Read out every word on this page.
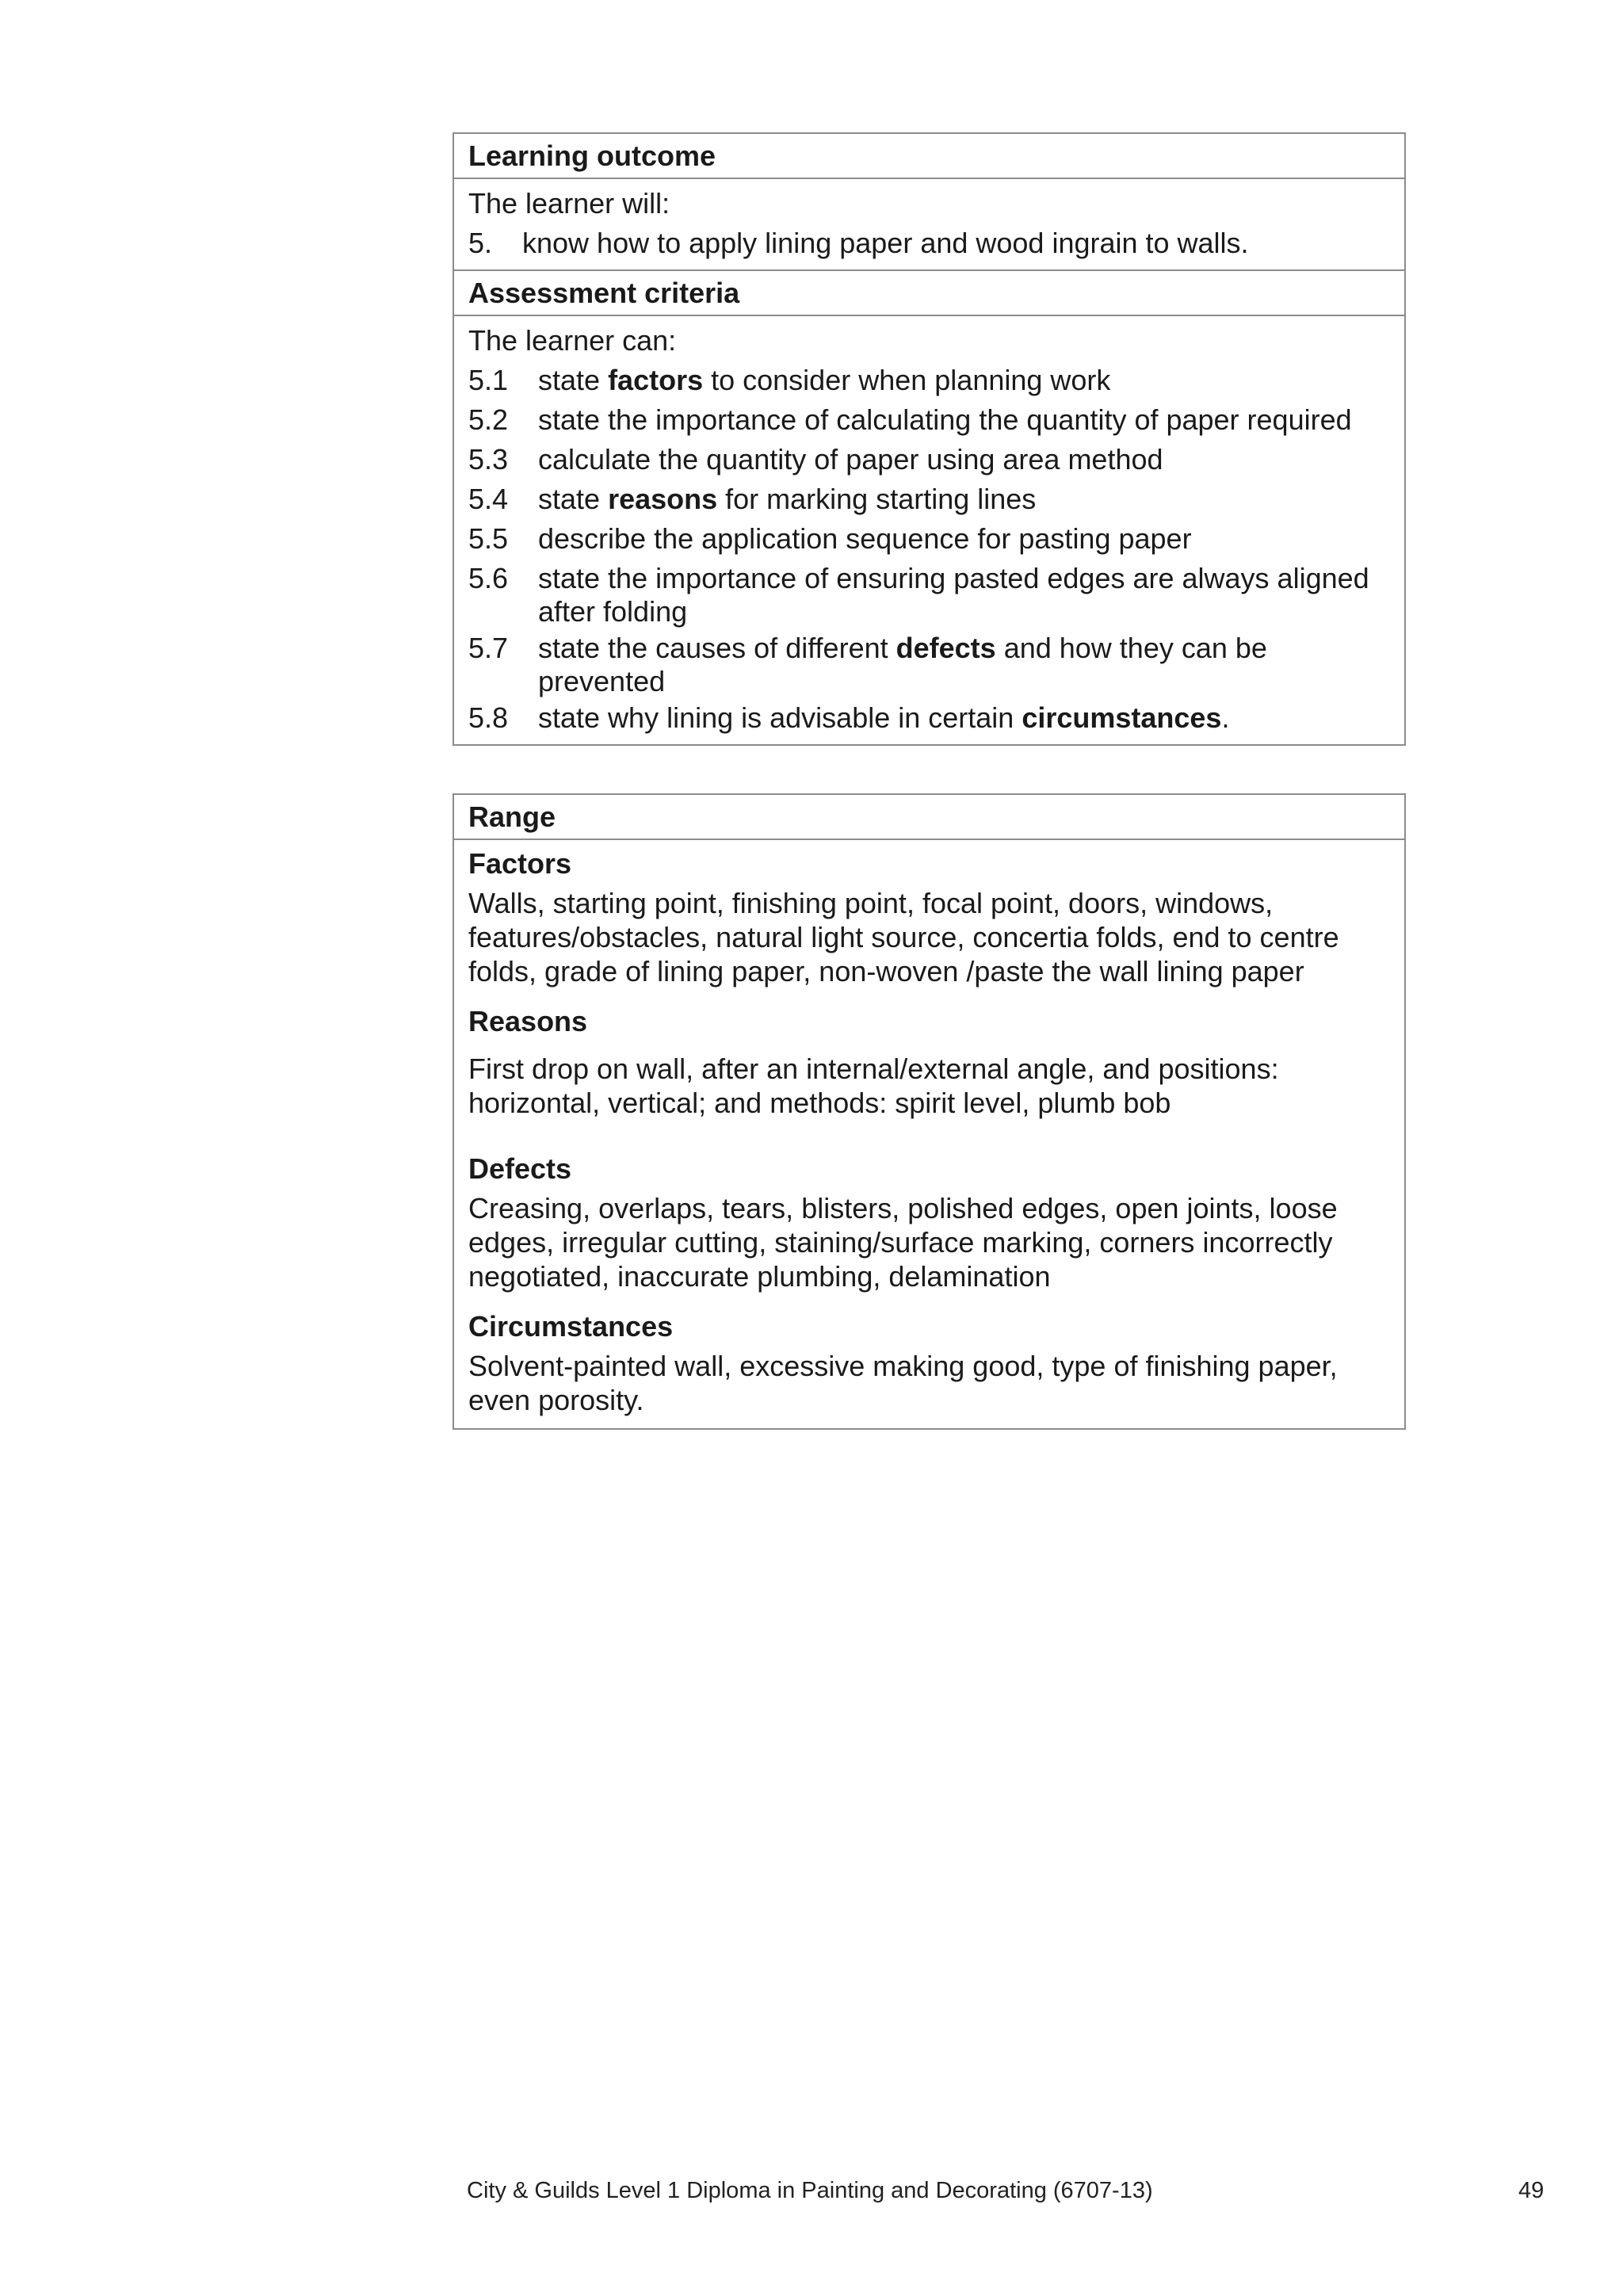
Learning outcome
The learner will:
5.	know how to apply lining paper and wood ingrain to walls.
Assessment criteria
The learner can:
5.1	state factors to consider when planning work
5.2	state the importance of calculating the quantity of paper required
5.3	calculate the quantity of paper using area method
5.4	state reasons for marking starting lines
5.5	describe the application sequence for pasting paper
5.6	state the importance of ensuring pasted edges are always aligned after folding
5.7	state the causes of different defects and how they can be prevented
5.8	state why lining is advisable in certain circumstances.
Range
Factors
Walls, starting point, finishing point, focal point, doors, windows, features/obstacles, natural light source, concertia folds, end to centre folds, grade of lining paper, non-woven /paste the wall lining paper
Reasons
First drop on wall, after an internal/external angle, and positions: horizontal, vertical; and methods: spirit level, plumb bob
Defects
Creasing, overlaps, tears, blisters, polished edges, open joints, loose edges, irregular cutting, staining/surface marking, corners incorrectly negotiated, inaccurate plumbing, delamination
Circumstances
Solvent-painted wall, excessive making good, type of finishing paper, even porosity.
City & Guilds Level 1 Diploma in Painting and Decorating (6707-13)	49
